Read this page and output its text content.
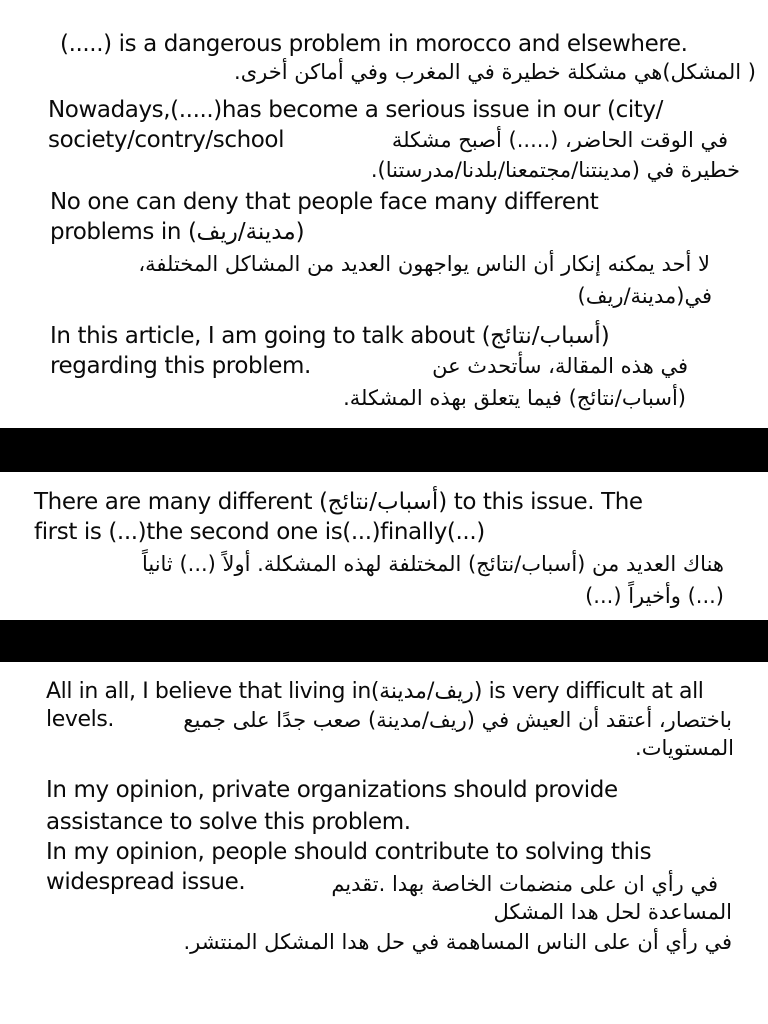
(.....) is a dangerous problem in morocco and elsewhere.
( المشكل)هي مشكلة خطيرة في المغرب وفي أماكن أخرى.
Nowadays,(.....)has become a serious issue in our (city/
في الوقت الحاضر، (.....) أصبح مشكلة
society/contry/school
خطيرة في (مدينتنا/مجتمعنا/بلدنا/مدرستنا).
No one can deny that people face many different
problems in (مدينة/ريف)
لا أحد يمكنه إنكار أن الناس يواجهون العديد من المشاكل المختلفة،
في(مدينة/ريف)
In this article, I am going to talk about (أسباب/نتائج)
في هذه المقالة، سأتحدث عن
regarding this problem.
(أسباب/نتائج) فيما يتعلق بهذه المشكلة.
There are many different (أسباب/نتائج) to this issue. The
first is (...)the second one is(...)finally(...)
هناك العديد من (أسباب/نتائج) المختلفة لهذه المشكلة. أولاً (...) ثانياً
(...) وأخيراً (...)
All in all, I believe that living in(ريف/مدينة) is very difficult at all
باختصار، أعتقد أن العيش في (ريف/مدينة) صعب جدًا على جميع
levels.
المستويات.
In my opinion, private organizations should provide
assistance to solve this problem.
In my opinion, people should contribute to solving this
widespread issue.	في رأي ان على منضمات الخاصة بهدا .تقديم
المساعدة لحل هدا المشكل
في رأي أن على الناس المساهمة في حل هدا المشكل المنتشر.
